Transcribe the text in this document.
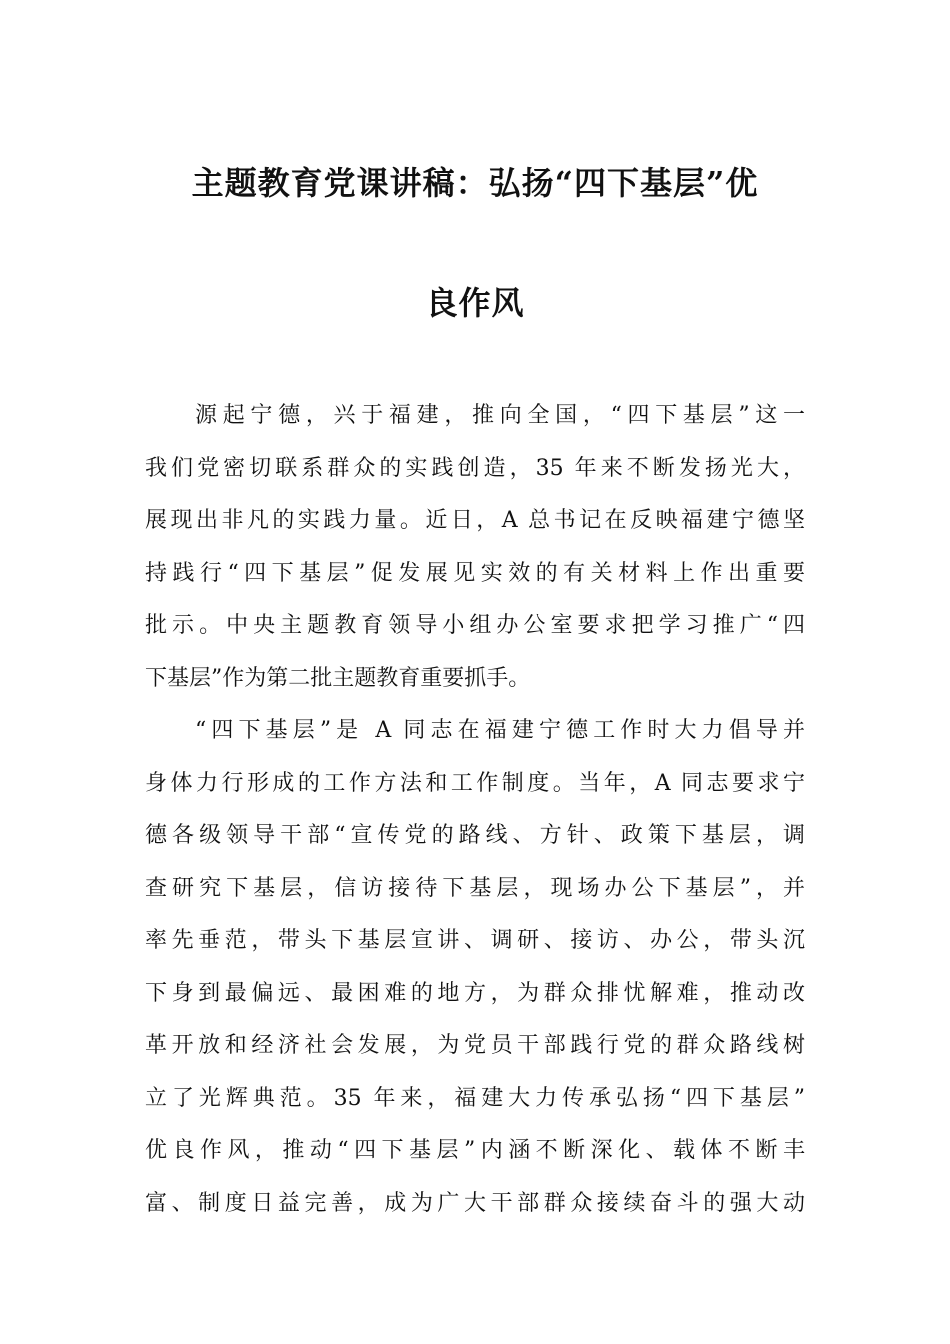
主题教育党课讲稿：弘扬“四下基层”优
良作风
源起宁德，兴于福建，推向全国，“四下基层”这一
我们党密切联系群众的实践创造，35 年来不断发扬光大，
展现出非凡的实践力量。近日，A 总书记在反映福建宁德坚
持践行“四下基层”促发展见实效的有关材料上作出重要
批示。中央主题教育领导小组办公室要求把学习推广“四
下基层”作为第二批主题教育重要抓手。
“四下基层”是 A 同志在福建宁德工作时大力倡导并
身体力行形成的工作方法和工作制度。当年，A 同志要求宁
德各级领导干部“宣传党的路线、方针、政策下基层，调
查研究下基层，信访接待下基层，现场办公下基层”，并
率先垂范，带头下基层宣讲、调研、接访、办公，带头沉
下身到最偏远、最困难的地方，为群众排忧解难，推动改
革开放和经济社会发展，为党员干部践行党的群众路线树
立了光辉典范。35 年来，福建大力传承弘扬“四下基层”
优良作风，推动“四下基层”内涵不断深化、载体不断丰
富、制度日益完善，成为广大干部群众接续奋斗的强大动
